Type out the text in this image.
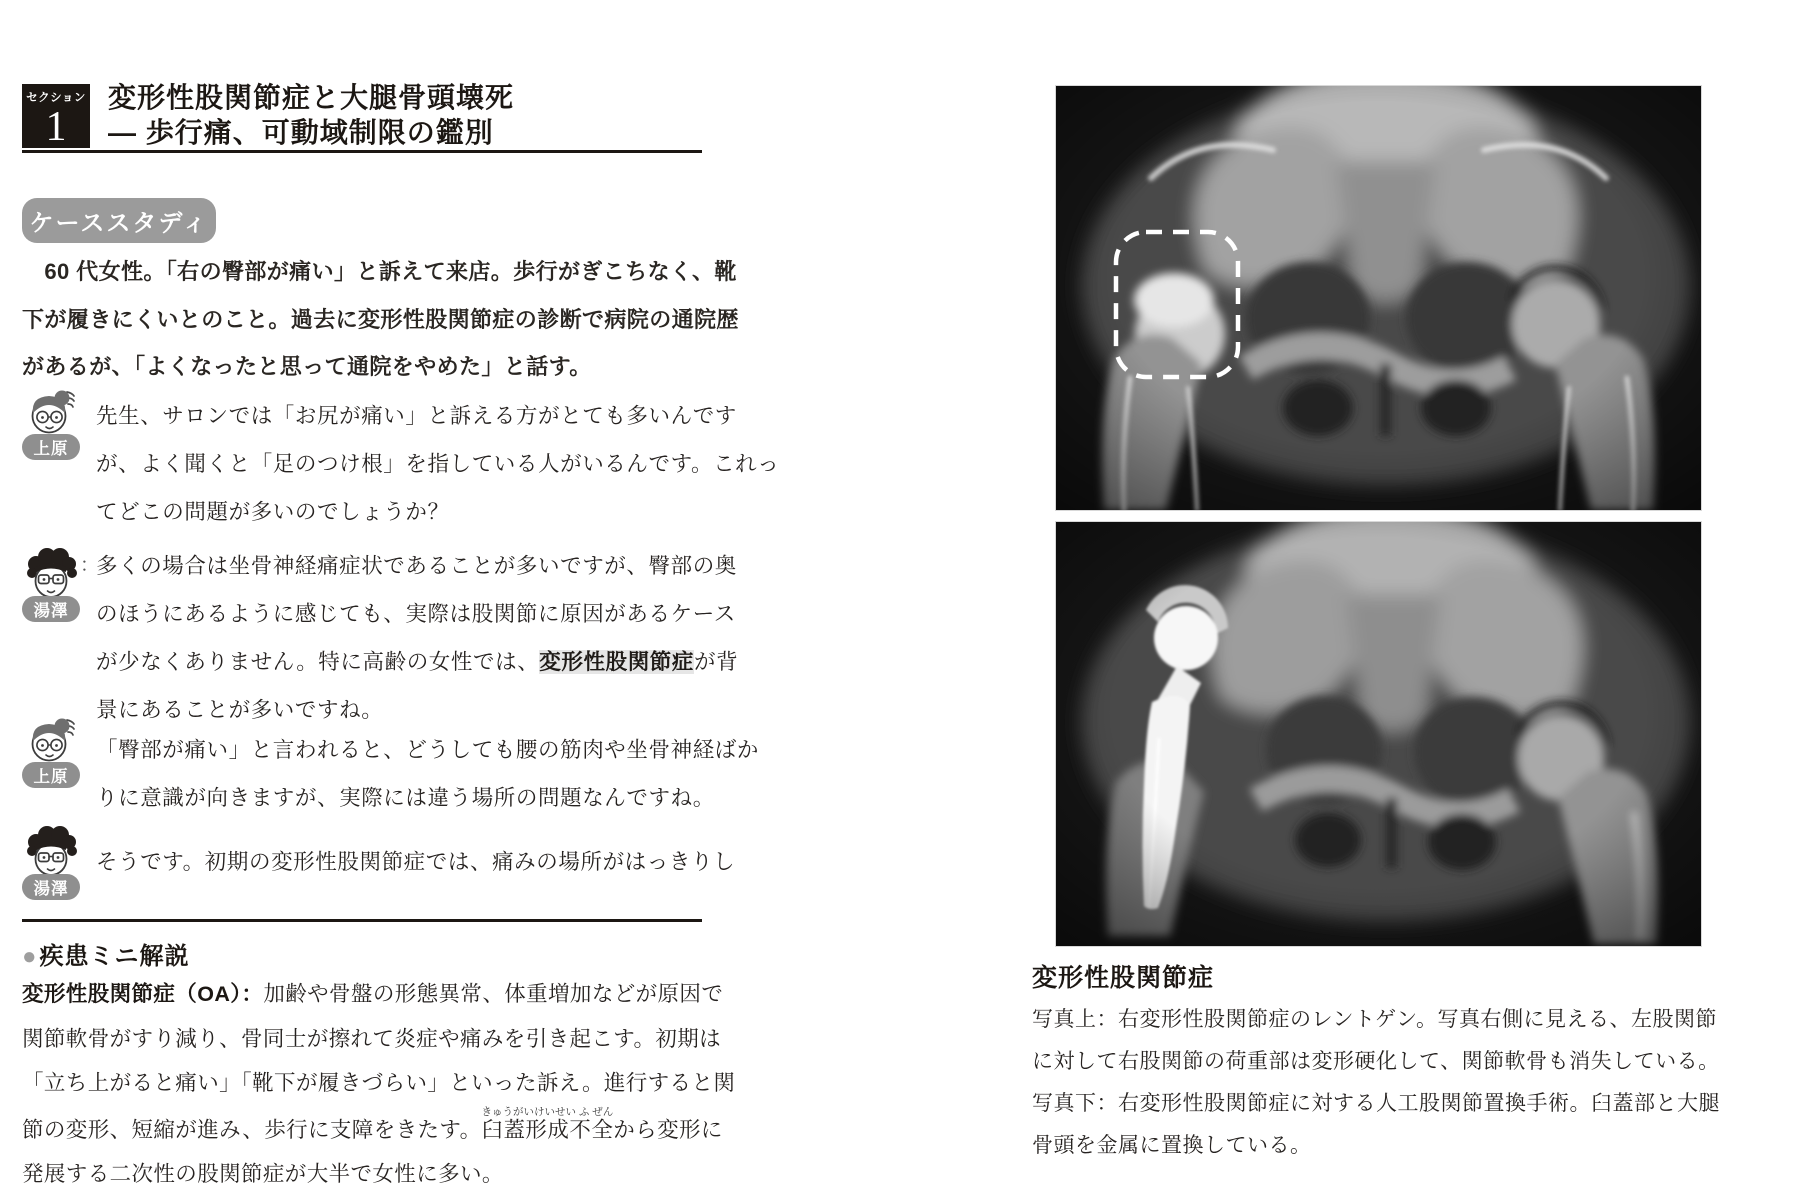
セクション
1
変形性股関節症と大腿骨頭壊死
— 歩行痛、可動域制限の鑑別
ケーススタディ
　60 代女性。「右の臀部が痛い」と訴えて来店。歩行がぎこちなく、靴
下が履きにくいとのこと。過去に変形性股関節症の診断で病院の通院歴
があるが、「よくなったと思って通院をやめた」と話す。
上原
先生、サロンでは「お尻が痛い」と訴える方がとても多いんです
が、よく聞くと「足のつけ根」を指している人がいるんです。これっ
てどこの問題が多いのでしょうか？
湯澤
：
多くの場合は坐骨神経痛症状であることが多いですが、臀部の奥
のほうにあるように感じても、実際は股関節に原因があるケース
が少なくありません。特に高齢の女性では、変形性股関節症が背
景にあることが多いですね。
上原
「臀部が痛い」と言われると、どうしても腰の筋肉や坐骨神経ばか
りに意識が向きますが、実際には違う場所の問題なんですね。
湯澤
そうです。初期の変形性股関節症では、痛みの場所がはっきりし
●疾患ミニ解説
変形性股関節症（OA）：加齢や骨盤の形態異常、体重増加などが原因で
関節軟骨がすり減り、骨同士が擦れて炎症や痛みを引き起こす。初期は
「立ち上がると痛い」「靴下が履きづらい」といった訴え。進行すると関
節の変形、短縮が進み、歩行に支障をきたす。臼蓋形成不全きゅうがいけいせい ふ ぜんから変形に
発展する二次性の股関節症が大半で女性に多い。
変形性股関節症
写真上：右変形性股関節症のレントゲン。写真右側に見える、左股関節
に対して右股関節の荷重部は変形硬化して、関節軟骨も消失している。
写真下：右変形性股関節症に対する人工股関節置換手術。臼蓋部と大腿
骨頭を金属に置換している。
